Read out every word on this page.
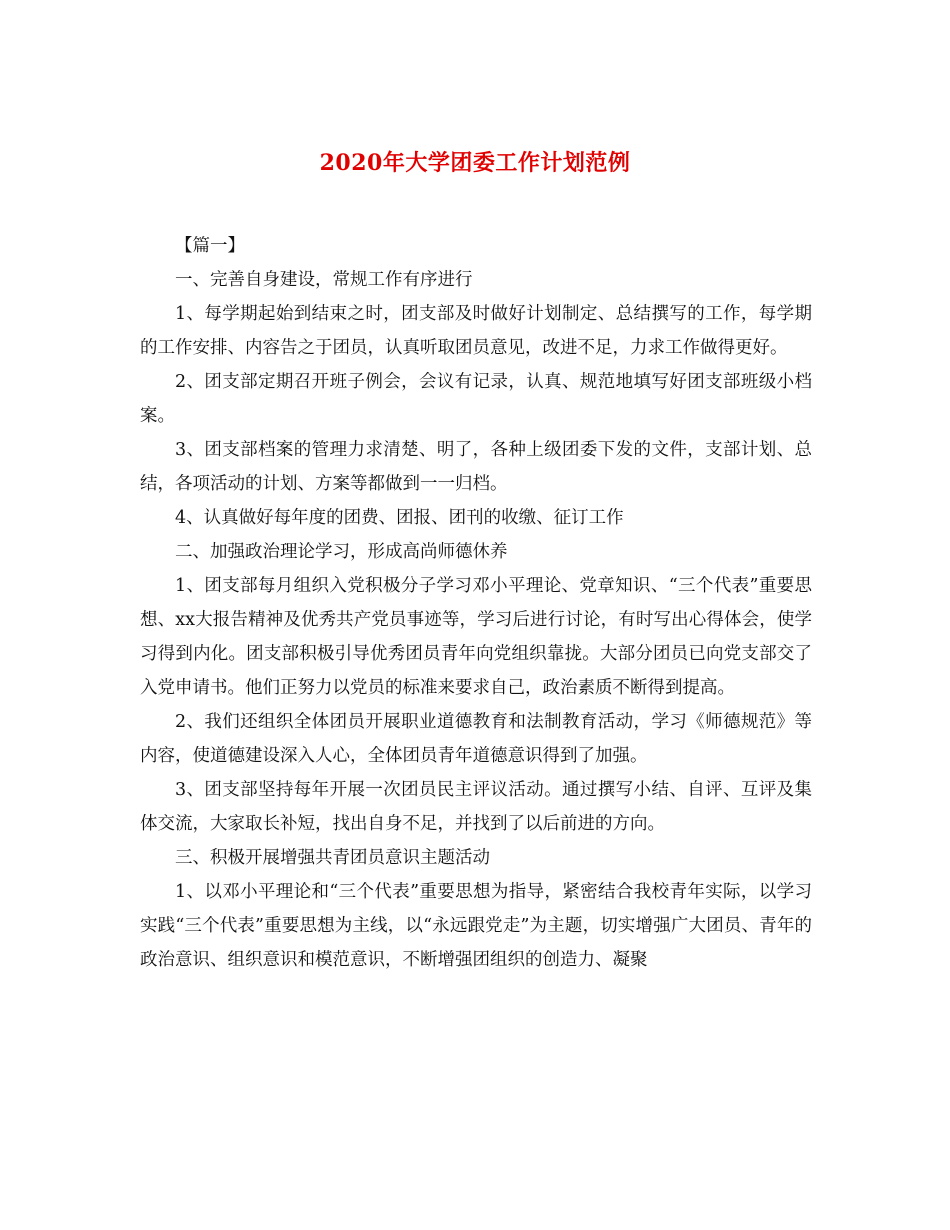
2020年大学团委工作计划范例

【篇一】

一、完善自身建设，常规工作有序进行

1、每学期起始到结束之时，团支部及时做好计划制定、总结撰写的工作，每学期的工作安排、内容告之于团员，认真听取团员意见，改进不足，力求工作做得更好。

2、团支部定期召开班子例会，会议有记录，认真、规范地填写好团支部班级小档案。

3、团支部档案的管理力求清楚、明了，各种上级团委下发的文件，支部计划、总结，各项活动的计划、方案等都做到一一归档。

4、认真做好每年度的团费、团报、团刊的收缴、征订工作

二、加强政治理论学习，形成高尚师德休养

1、团支部每月组织入党积极分子学习邓小平理论、党章知识、“三个代表”重要思想、xx大报告精神及优秀共产党员事迹等，学习后进行讨论，有时写出心得体会，使学习得到内化。团支部积极引导优秀团员青年向党组织靠拢。大部分团员已向党支部交了入党申请书。他们正努力以党员的标准来要求自己，政治素质不断得到提高。

2、我们还组织全体团员开展职业道德教育和法制教育活动，学习《师德规范》等内容，使道德建设深入人心，全体团员青年道德意识得到了加强。

3、团支部坚持每年开展一次团员民主评议活动。通过撰写小结、自评、互评及集体交流，大家取长补短，找出自身不足，并找到了以后前进的方向。

三、积极开展增强共青团员意识主题活动

1、以邓小平理论和“三个代表”重要思想为指导，紧密结合我校青年实际，以学习实践“三个代表”重要思想为主线，以“永远跟党走”为主题，切实增强广大团员、青年的政治意识、组织意识和模范意识，不断增强团组织的创造力、凝聚
